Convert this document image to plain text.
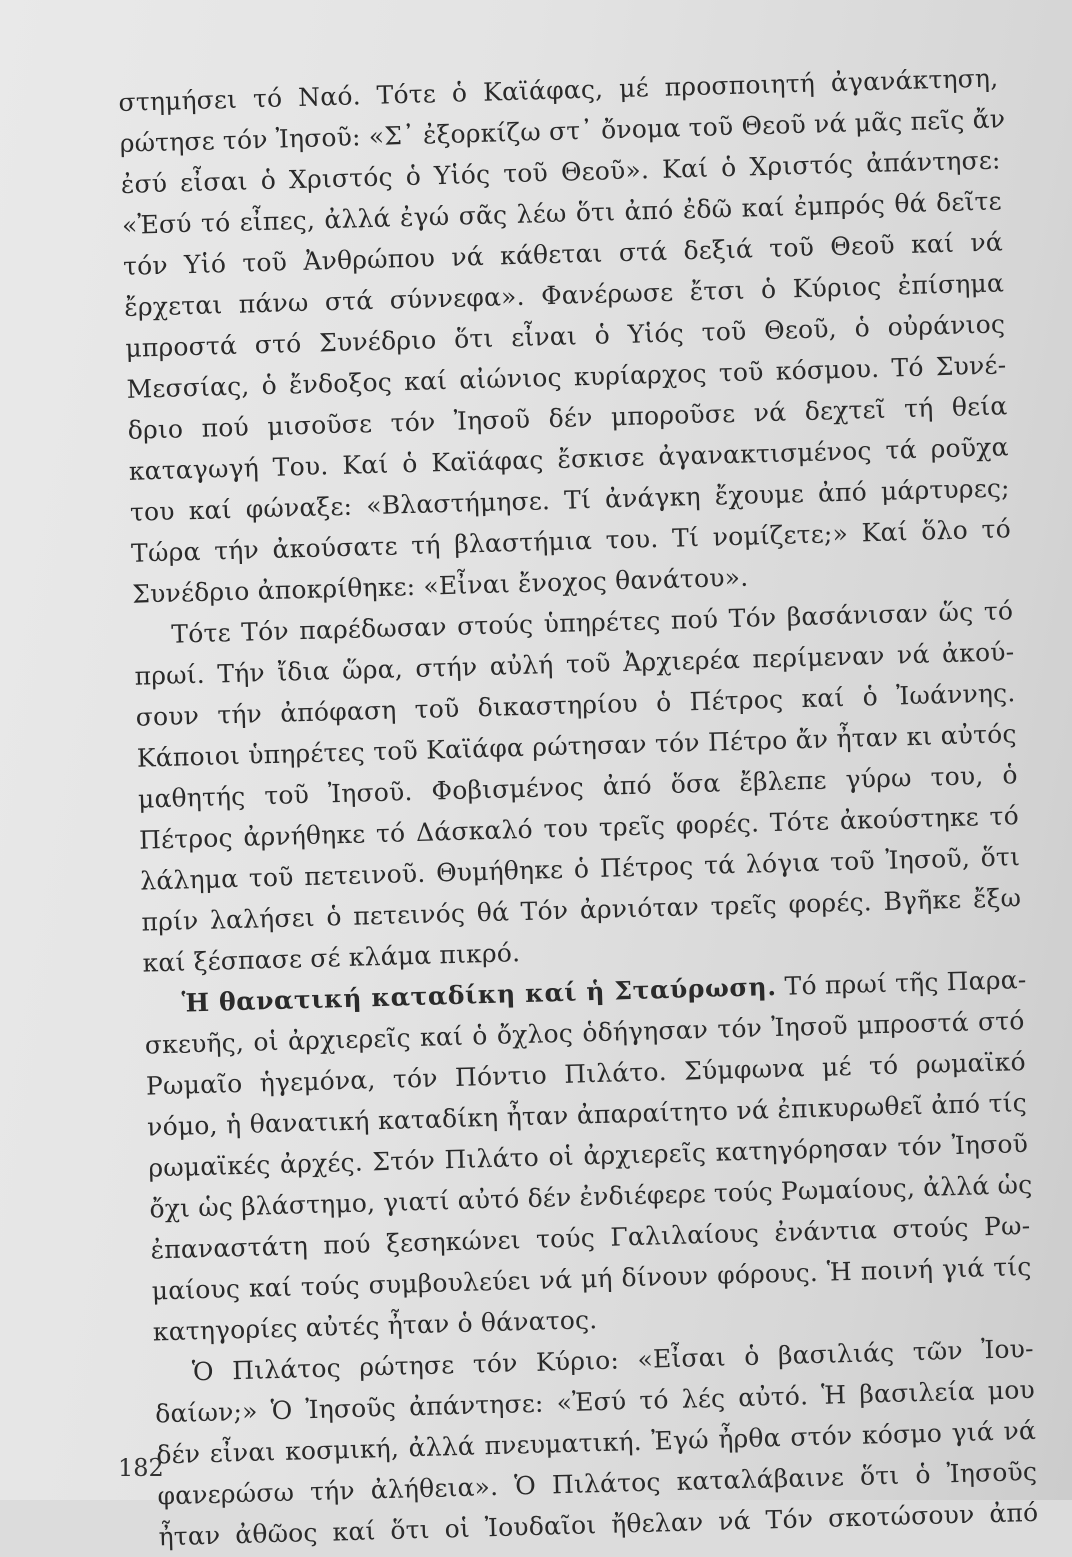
στημήσει τό Ναό. Τότε ὁ Καϊάφας, μέ προσποιητή ἀγανάκτηση,
ρώτησε τόν Ἰησοῦ: «Σ᾿ ἐξορκίζω στ᾿ ὄνομα τοῦ Θεοῦ νά μᾶς πεῖς ἄν
ἐσύ εἶσαι ὁ Χριστός ὁ Υἱός τοῦ Θεοῦ». Καί ὁ Χριστός ἀπάντησε:
«Ἐσύ τό εἶπες, ἀλλά ἐγώ σᾶς λέω ὅτι ἀπό ἐδῶ καί ἐμπρός θά δεῖτε
τόν Υἱό τοῦ Ἀνθρώπου νά κάθεται στά δεξιά τοῦ Θεοῦ καί νά
ἔρχεται πάνω στά σύννεφα». Φανέρωσε ἔτσι ὁ Κύριος ἐπίσημα
μπροστά στό Συνέδριο ὅτι εἶναι ὁ Υἱός τοῦ Θεοῦ, ὁ οὐράνιος
Μεσσίας, ὁ ἔνδοξος καί αἰώνιος κυρίαρχος τοῦ κόσμου. Τό Συνέ-
δριο πού μισοῦσε τόν Ἰησοῦ δέν μποροῦσε νά δεχτεῖ τή θεία
καταγωγή Του. Καί ὁ Καϊάφας ἔσκισε ἀγανακτισμένος τά ροῦχα
του καί φώναξε: «Βλαστήμησε. Τί ἀνάγκη ἔχουμε ἀπό μάρτυρες;
Τώρα τήν ἀκούσατε τή βλαστήμια του. Τί νομίζετε;» Καί ὅλο τό
Συνέδριο ἀποκρίθηκε: «Εἶναι ἔνοχος θανάτου».
Τότε Τόν παρέδωσαν στούς ὑπηρέτες πού Τόν βασάνισαν ὥς τό
πρωί. Τήν ἴδια ὥρα, στήν αὐλή τοῦ Ἀρχιερέα περίμεναν νά ἀκού-
σουν τήν ἀπόφαση τοῦ δικαστηρίου ὁ Πέτρος καί ὁ Ἰωάννης.
Κάποιοι ὑπηρέτες τοῦ Καϊάφα ρώτησαν τόν Πέτρο ἄν ἦταν κι αὐτός
μαθητής τοῦ Ἰησοῦ. Φοβισμένος ἀπό ὅσα ἔβλεπε γύρω του, ὁ
Πέτρος ἀρνήθηκε τό Δάσκαλό του τρεῖς φορές. Τότε ἀκούστηκε τό
λάλημα τοῦ πετεινοῦ. Θυμήθηκε ὁ Πέτρος τά λόγια τοῦ Ἰησοῦ, ὅτι
πρίν λαλήσει ὁ πετεινός θά Τόν ἀρνιόταν τρεῖς φορές. Βγῆκε ἔξω
καί ξέσπασε σέ κλάμα πικρό.
Ἡ θανατική καταδίκη καί ἡ Σταύρωση. Τό πρωί τῆς Παρα-
σκευῆς, οἱ ἀρχιερεῖς καί ὁ ὄχλος ὁδήγησαν τόν Ἰησοῦ μπροστά στό
Ρωμαῖο ἡγεμόνα, τόν Πόντιο Πιλάτο. Σύμφωνα μέ τό ρωμαϊκό
νόμο, ἡ θανατική καταδίκη ἦταν ἀπαραίτητο νά ἐπικυρωθεῖ ἀπό τίς
ρωμαϊκές ἀρχές. Στόν Πιλάτο οἱ ἀρχιερεῖς κατηγόρησαν τόν Ἰησοῦ
ὄχι ὡς βλάστημο, γιατί αὐτό δέν ἐνδιέφερε τούς Ρωμαίους, ἀλλά ὡς
ἐπαναστάτη πού ξεσηκώνει τούς Γαλιλαίους ἐνάντια στούς Ρω-
μαίους καί τούς συμβουλεύει νά μή δίνουν φόρους. Ἡ ποινή γιά τίς
κατηγορίες αὐτές ἦταν ὁ θάνατος.
Ὁ Πιλάτος ρώτησε τόν Κύριο: «Εἶσαι ὁ βασιλιάς τῶν Ἰου-
δαίων;» Ὁ Ἰησοῦς ἀπάντησε: «Ἐσύ τό λές αὐτό. Ἡ βασιλεία μου
δέν εἶναι κοσμική, ἀλλά πνευματική. Ἐγώ ἦρθα στόν κόσμο γιά νά
φανερώσω τήν ἀλήθεια». Ὁ Πιλάτος καταλάβαινε ὅτι ὁ Ἰησοῦς
ἦταν ἀθῶος καί ὅτι οἱ Ἰουδαῖοι ἤθελαν νά Τόν σκοτώσουν ἀπό
182
